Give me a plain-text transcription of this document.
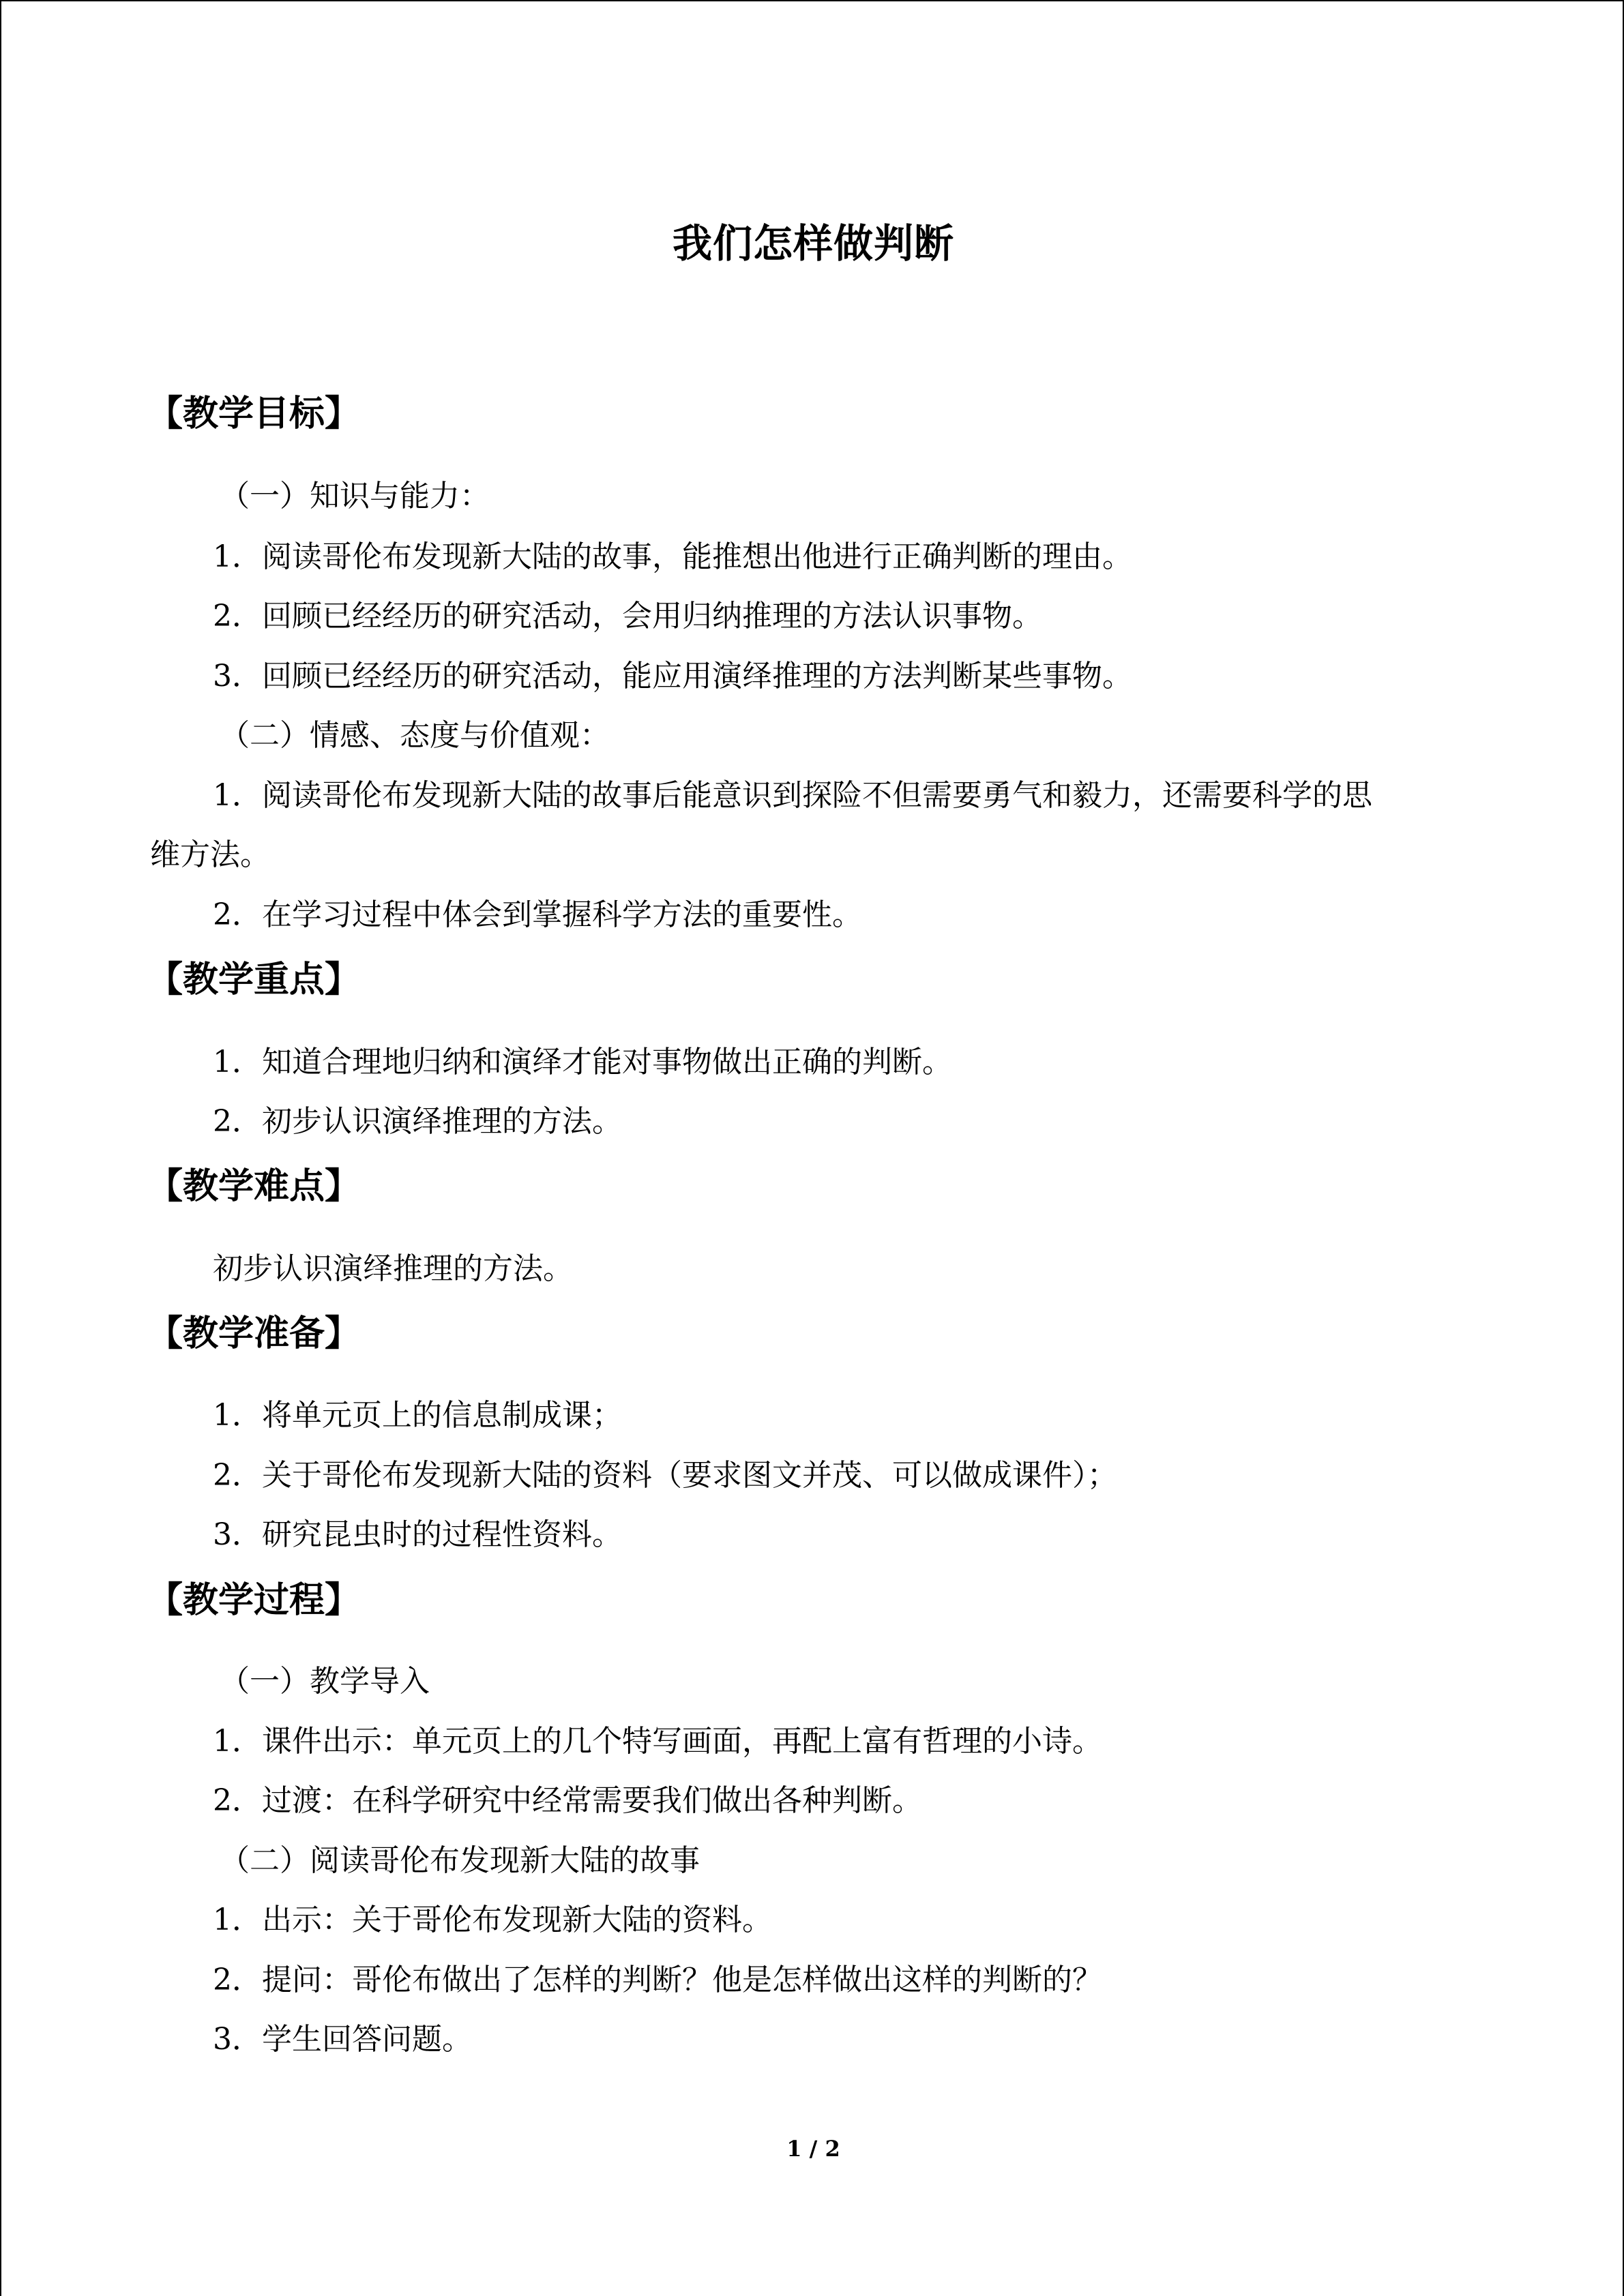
我们怎样做判断
【教学目标】
（一）知识与能力：
1．阅读哥伦布发现新大陆的故事，能推想出他进行正确判断的理由。
2．回顾已经经历的研究活动，会用归纳推理的方法认识事物。
3．回顾已经经历的研究活动，能应用演绎推理的方法判断某些事物。
（二）情感、态度与价值观：
1．阅读哥伦布发现新大陆的故事后能意识到探险不但需要勇气和毅力，还需要科学的思
维方法。
2．在学习过程中体会到掌握科学方法的重要性。
【教学重点】
1．知道合理地归纳和演绎才能对事物做出正确的判断。
2．初步认识演绎推理的方法。
【教学难点】
初步认识演绎推理的方法。
【教学准备】
1．将单元页上的信息制成课；
2．关于哥伦布发现新大陆的资料（要求图文并茂、可以做成课件）；
3．研究昆虫时的过程性资料。
【教学过程】
（一）教学导入
1．课件出示：单元页上的几个特写画面，再配上富有哲理的小诗。
2．过渡：在科学研究中经常需要我们做出各种判断。
（二）阅读哥伦布发现新大陆的故事
1．出示：关于哥伦布发现新大陆的资料。
2．提问：哥伦布做出了怎样的判断？他是怎样做出这样的判断的？
3．学生回答问题。
1 / 2
